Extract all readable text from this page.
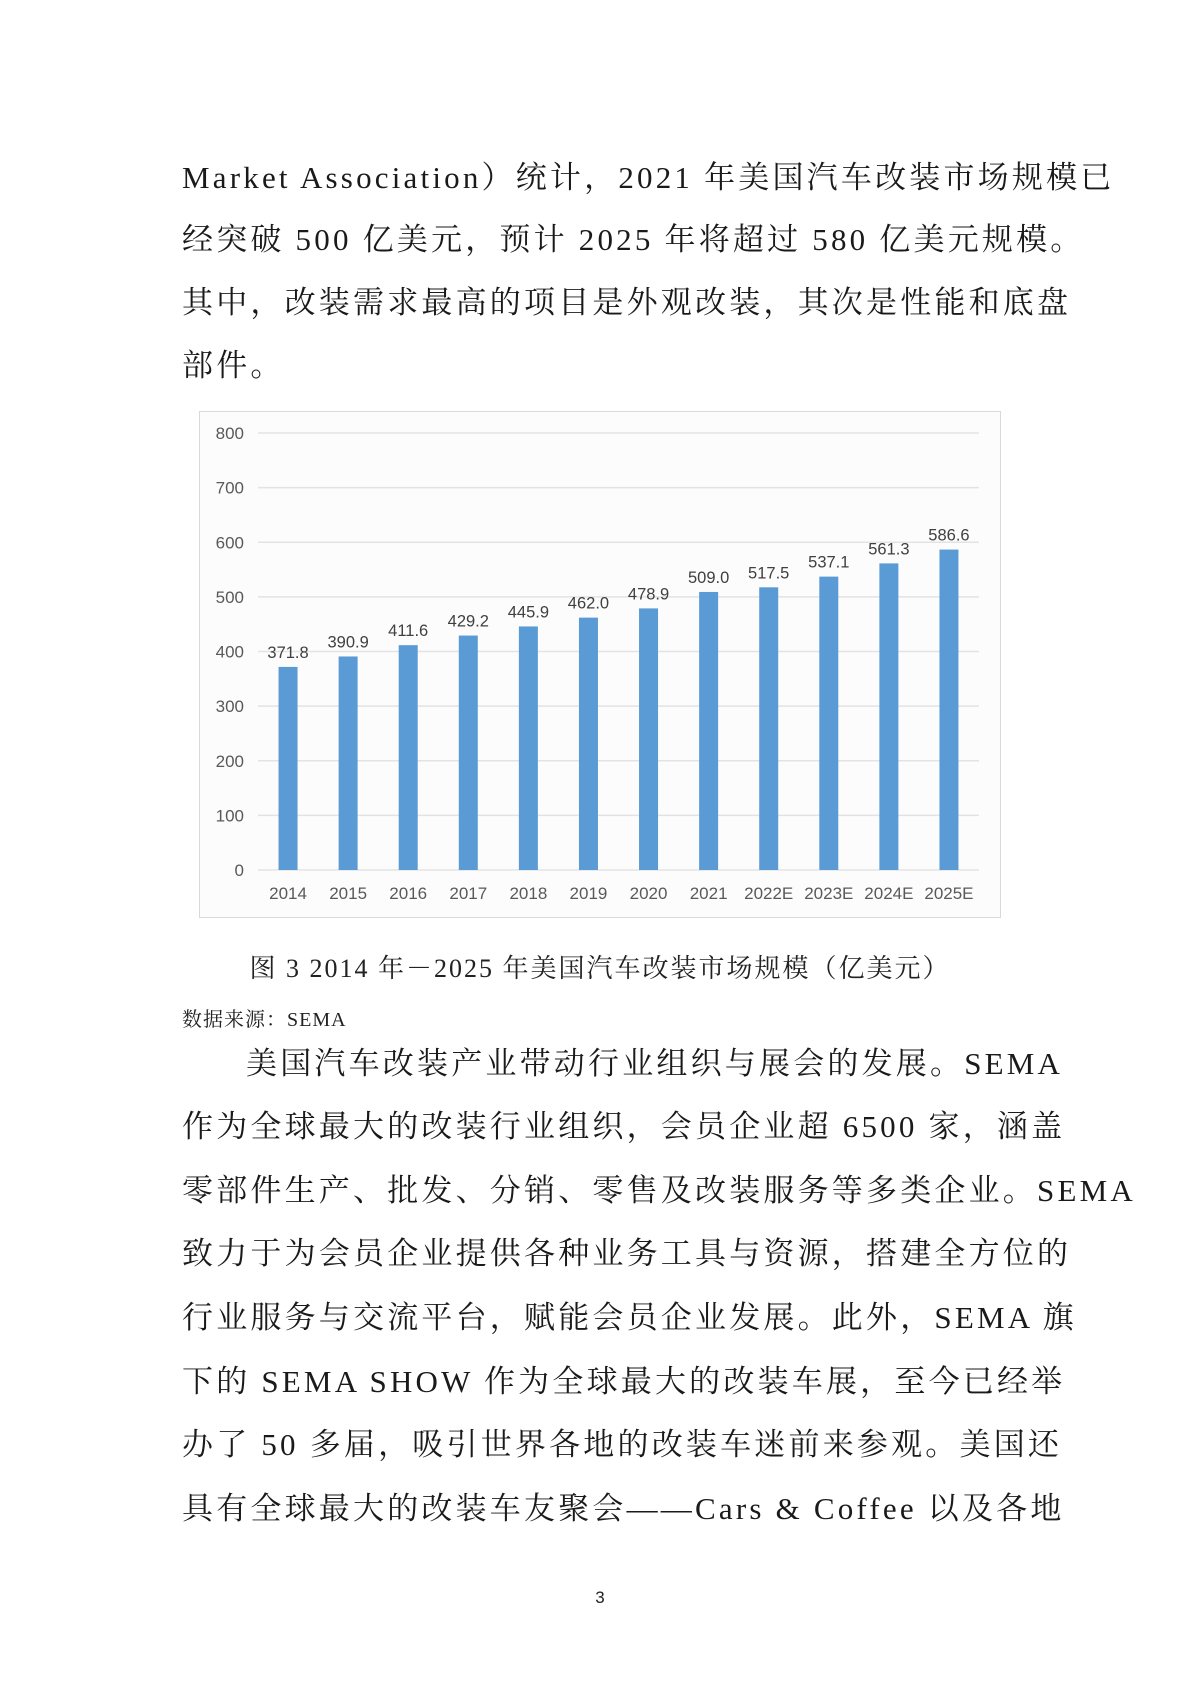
Market Association）统计，2021 年美国汽车改装市场规模已
经突破 500 亿美元，预计 2025 年将超过 580 亿美元规模。
其中，改装需求最高的项目是外观改装，其次是性能和底盘
部件。
0
100
200
300
400
500
600
700
800
371.8
2014
390.9
2015
411.6
2016
429.2
2017
445.9
2018
462.0
2019
478.9
2020
509.0
2021
517.5
2022E
537.1
2023E
561.3
2024E
586.6
2025E
图 3 2014 年－2025 年美国汽车改装市场规模（亿美元）
数据来源：SEMA
美国汽车改装产业带动行业组织与展会的发展。SEMA
作为全球最大的改装行业组织，会员企业超 6500 家，涵盖
零部件生产、批发、分销、零售及改装服务等多类企业。SEMA
致力于为会员企业提供各种业务工具与资源，搭建全方位的
行业服务与交流平台，赋能会员企业发展。此外，SEMA 旗
下的 SEMA SHOW 作为全球最大的改装车展，至今已经举
办了 50 多届，吸引世界各地的改装车迷前来参观。美国还
具有全球最大的改装车友聚会——Cars & Coffee 以及各地
3
